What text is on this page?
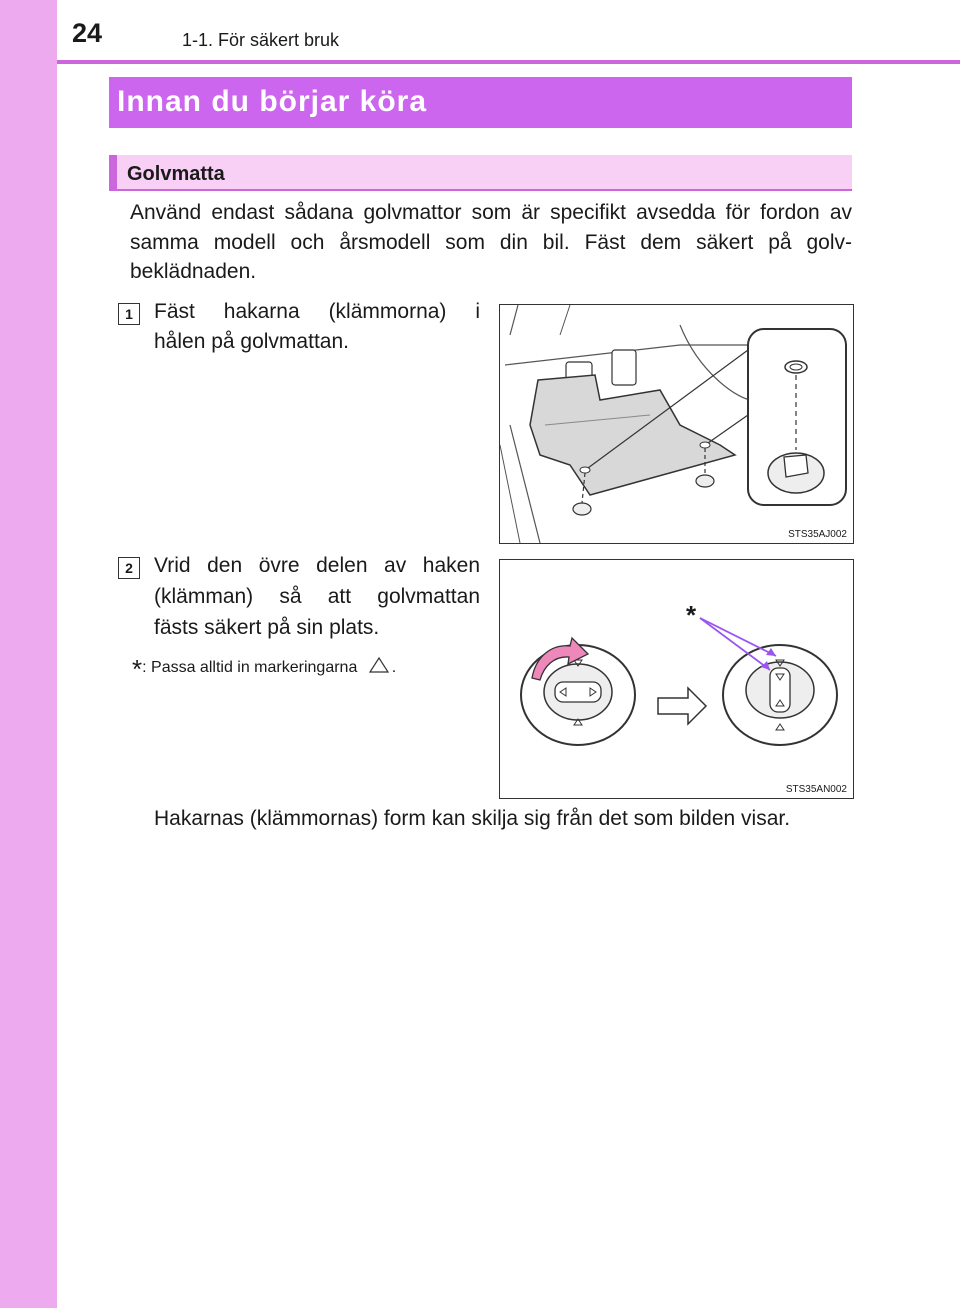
24	1-1. För säkert bruk
Innan du börjar köra
Golvmatta
Använd endast sådana golvmattor som är specifikt avsedda för fordon av samma modell och årsmodell som din bil. Fäst dem säkert på golv-beklädnaden.
1	Fäst hakarna (klämmorna) i
hålen på golvmattan.
STS35AJ002
2	Vrid den övre delen av haken
(klämman) så att golvmattan
fästs säkert på sin plats.
*: Passa alltid in markeringarna .
*
STS35AN002
Hakarnas (klämmornas) form kan skilja sig från det som bilden visar.
